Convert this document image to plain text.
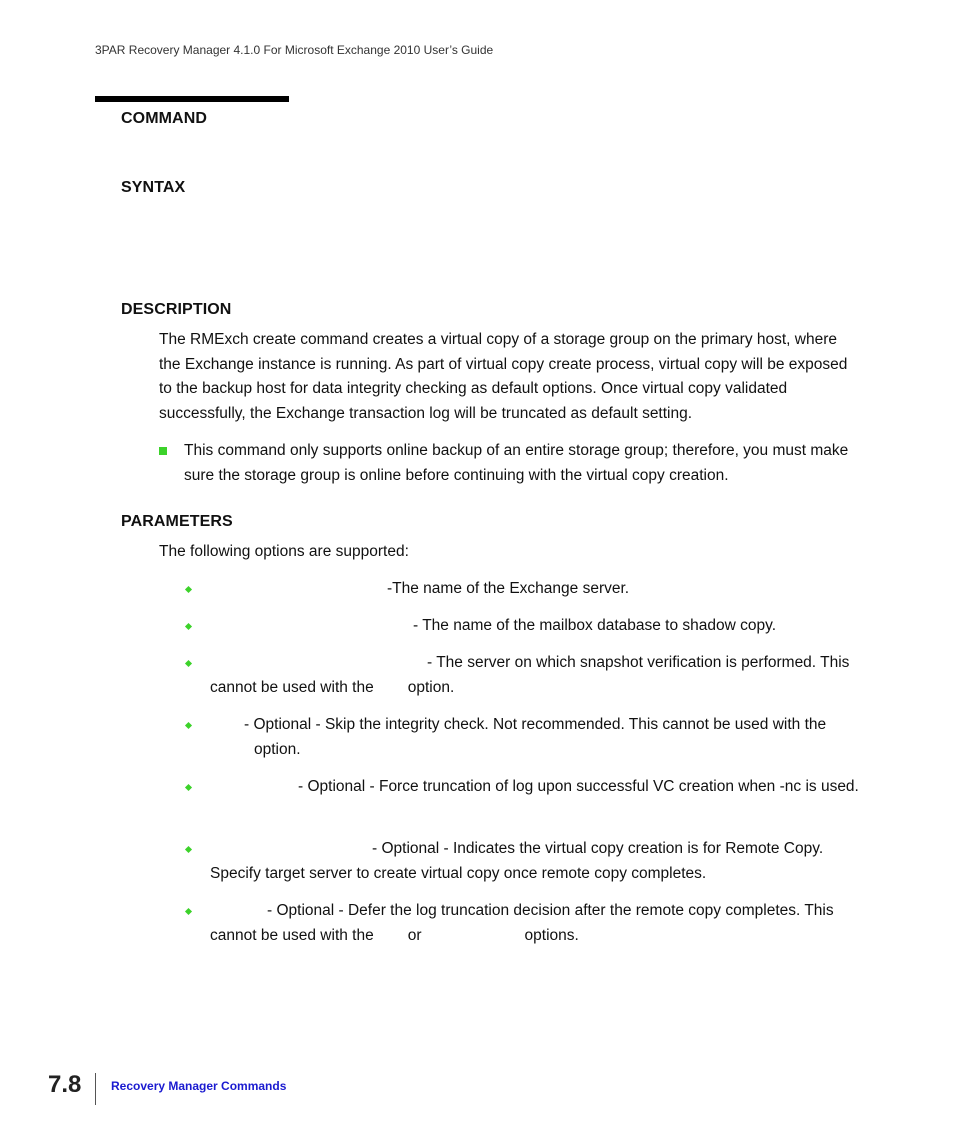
3PAR Recovery Manager 4.1.0 For Microsoft Exchange 2010 User’s Guide
COMMAND
SYNTAX
DESCRIPTION
The RMExch create command creates a virtual copy of a storage group on the primary host, where the Exchange instance is running. As part of virtual copy create process, virtual copy will be exposed to the backup host for data integrity checking as default options. Once virtual copy validated successfully, the Exchange transaction log will be truncated as default setting.
This command only supports online backup of an entire storage group; therefore, you must make sure the storage group is online before continuing with the virtual copy creation.
PARAMETERS
The following options are supported:
-The name of the Exchange server.
- The name of the mailbox database to shadow copy.
- The server on which snapshot verification is performed. This cannot be used with the option.
- Optional - Skip the integrity check. Not recommended. This cannot be used with theoption.
- Optional - Force truncation of log upon successful VC creation when -nc is used.
- Optional - Indicates the virtual copy creation is for Remote Copy. Specify target server to create virtual copy once remote copy completes.
- Optional - Defer the log truncation decision after the remote copy completes. This cannot be used with the or	options.
7.8 Recovery Manager Commands
